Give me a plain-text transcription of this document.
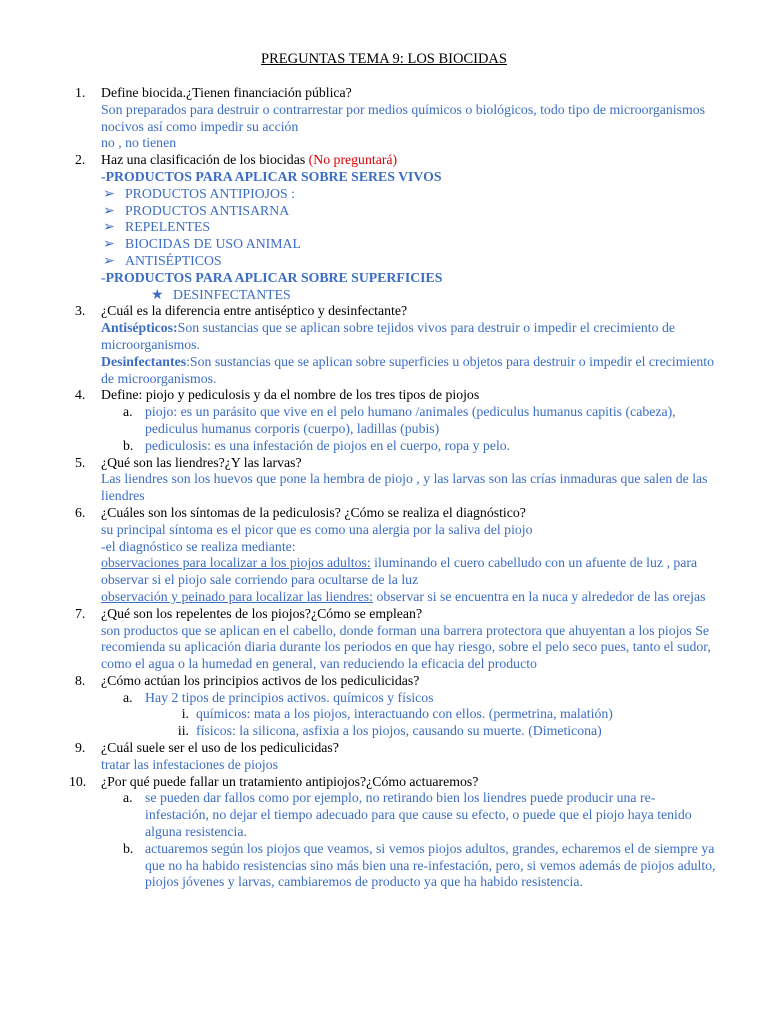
PREGUNTAS TEMA 9: LOS BIOCIDAS
1. Define biocida.¿Tienen financiación pública?
Son preparados para destruir o contrarrestar por medios químicos o biológicos, todo tipo de microorganismos nocivos así como impedir su acción
no , no tienen
2. Haz una clasificación de los biocidas (No preguntará)
-PRODUCTOS PARA APLICAR SOBRE SERES VIVOS
➢ PRODUCTOS ANTIPIOJOS :
➢ PRODUCTOS ANTISARNA
➢ REPELENTES
➢ BIOCIDAS DE USO ANIMAL
➢ ANTISÉPTICOS
-PRODUCTOS PARA APLICAR SOBRE SUPERFICIES
★ DESINFECTANTES
3. ¿Cuál es la diferencia entre antiséptico y desinfectante?
Antisépticos:Son sustancias que se aplican sobre tejidos vivos para destruir o impedir el crecimiento de microorganismos.
Desinfectantes:Son sustancias que se aplican sobre superficies u objetos para destruir o impedir el crecimiento de microorganismos.
4. Define: piojo y pediculosis y da el nombre de los tres tipos de piojos
a. piojo: es un parásito que vive en el pelo humano /animales (pediculus humanus capitis (cabeza), pediculus humanus corporis (cuerpo), ladillas (pubis)
b. pediculosis: es una infestación de piojos en el cuerpo, ropa y pelo.
5. ¿Qué son las liendres?¿Y las larvas?
Las liendres son los huevos que pone la hembra de piojo , y las larvas son las crías inmaduras que salen de las liendres
6. ¿Cuáles son los síntomas de la pediculosis? ¿Cómo se realiza el diagnóstico?
su principal síntoma es el picor que es como una alergia por la saliva del piojo
-el diagnóstico se realiza mediante:
observaciones para localizar a los piojos adultos: iluminando el cuero cabelludo con un afuente de luz , para observar si el piojo sale corriendo para ocultarse de la luz
observación y peinado para localizar las liendres: observar si se encuentra en la nuca y alrededor de las orejas
7. ¿Qué son los repelentes de los piojos?¿Cómo se emplean?
son productos que se aplican en el cabello, donde forman una barrera protectora que ahuyentan a los piojos Se recomienda su aplicación diaria durante los periodos en que hay riesgo, sobre el pelo seco pues, tanto el sudor, como el agua o la humedad en general, van reduciendo la eficacia del producto
8. ¿Cómo actúan los principios activos de los pediculicidas?
a. Hay 2 tipos de principios activos. químicos y físicos
i. químicos: mata a los piojos, interactuando con ellos. (permetrina, malatión)
ii. físicos: la silicona, asfixia a los piojos, causando su muerte. (Dimeticona)
9. ¿Cuál suele ser el uso de los pediculicidas?
tratar las infestaciones de piojos
10. ¿Por qué puede fallar un tratamiento antipiojos?¿Cómo actuaremos?
a. se pueden dar fallos como por ejemplo, no retirando bien los liendres puede producir una re-infestación, no dejar el tiempo adecuado para que cause su efecto, o puede que el piojo haya tenido alguna resistencia.
b. actuaremos según los piojos que veamos, si vemos piojos adultos, grandes, echaremos el de siempre ya que no ha habido resistencias sino más bien una re-infestación, pero, si vemos además de piojos adulto, piojos jóvenes y larvas, cambiaremos de producto ya que ha habido resistencia.
